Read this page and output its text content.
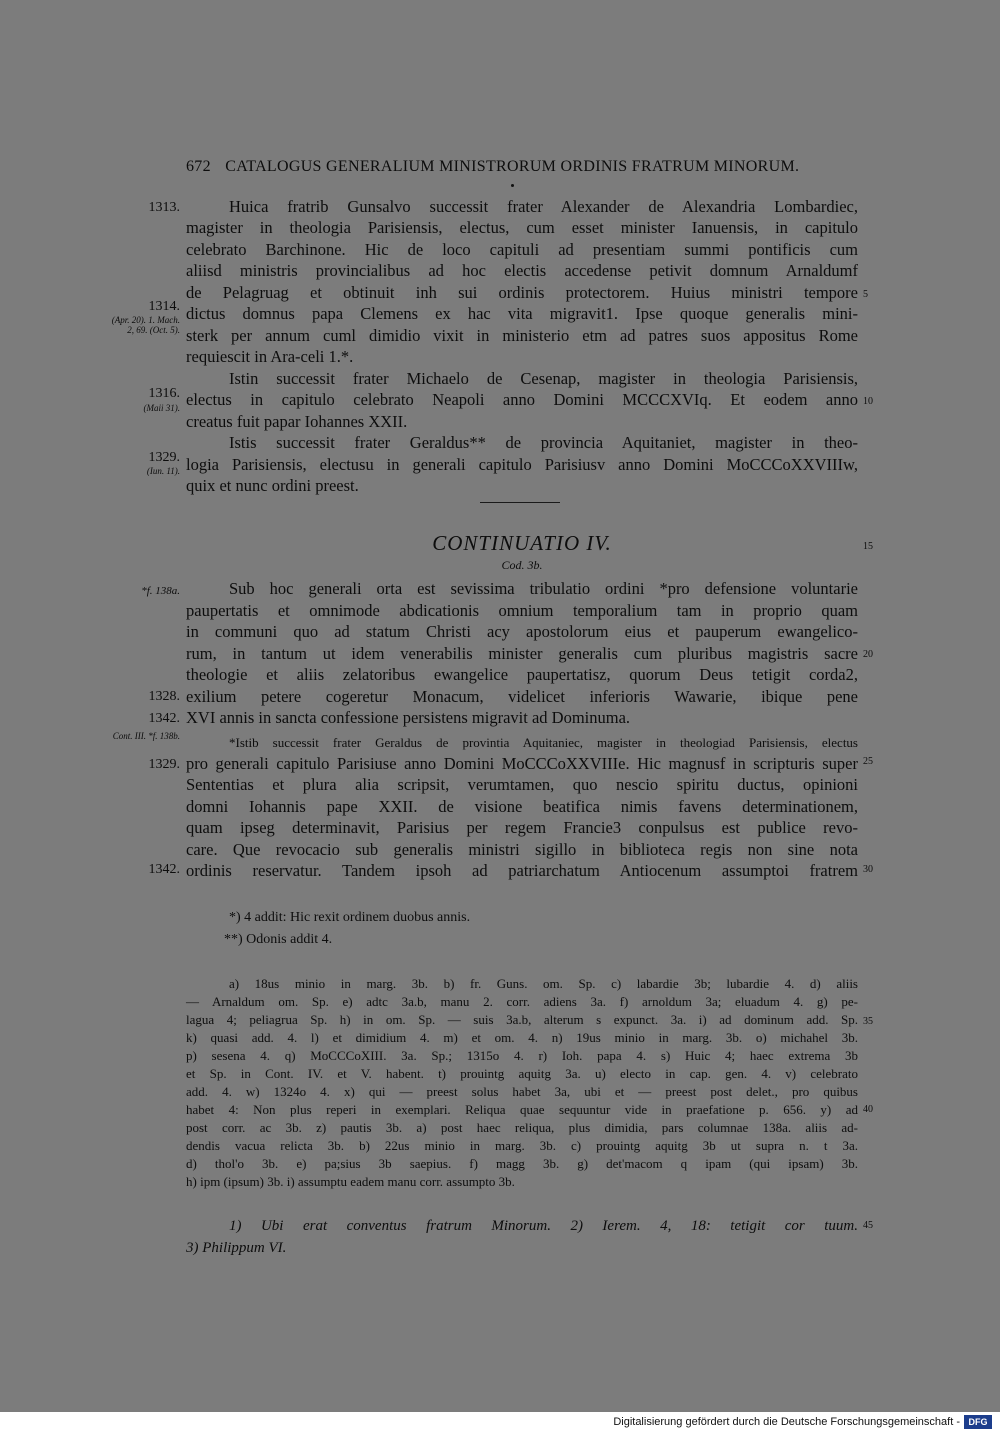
672 CATALOGUS GENERALIUM MINISTRORUM ORDINIS FRATRUM MINORUM.
1313.
1314.
(Apr. 20). 1. Mach. 2, 69. (Oct. 5).
1316.
(Maii 31).
1329.
(Iun. 11).
*f. 138a.
1328.
1342.
Cont. III. *f. 138b.
1329.
1342.
5
10
15
20
25
30
35
40
45
Huica fratrib Gunsalvo successit frater Alexander de Alexandria Lombardiec,
magister in theologia Parisiensis, electus, cum esset minister Ianuensis, in capitulo
celebrato Barchinone. Hic de loco capituli ad presentiam summi pontificis cum
aliisd ministris provincialibus ad hoc electis accedense petivit domnum Arnaldumf
de Pelagruag et obtinuit inh sui ordinis protectorem. Huius ministri tempore
dictus domnus papa Clemens ex hac vita migravit1. Ipse quoque generalis mini-
sterk per annum cuml dimidio vixit in ministerio etm ad patres suos appositus Rome
requiescit in Ara-celi 1.*.
Istin successit frater Michaelo de Cesenap, magister in theologia Parisiensis,
electus in capitulo celebrato Neapoli anno Domini MCCCXVIq. Et eodem anno
creatus fuit papar Iohannes XXII.
Istis successit frater Geraldus** de provincia Aquitaniet, magister in theo-
logia Parisiensis, electusu in generali capitulo Parisiusv anno Domini MoCCCoXXVIIIw,
quix et nunc ordini preest.
CONTINUATIO IV.
Cod. 3b.
Sub hoc generali orta est sevissima tribulatio ordini *pro defensione voluntarie
paupertatis et omnimode abdicationis omnium temporalium tam in proprio quam
in communi quo ad statum Christi acy apostolorum eius et pauperum ewangelico-
rum, in tantum ut idem venerabilis minister generalis cum pluribus magistris sacre
theologie et aliis zelatoribus ewangelice paupertatisz, quorum Deus tetigit corda2,
exilium petere cogeretur Monacum, videlicet inferioris Wawarie, ibique pene
XVI annis in sancta confessione persistens migravit ad Dominuma.
*Istib successit frater Geraldus de provintia Aquitaniec, magister in theologiad Parisiensis, electus
pro generali capitulo Parisiuse anno Domini MoCCCoXXVIIIe. Hic magnusf in scripturis super
Sententias et plura alia scripsit, verumtamen, quo nescio spiritu ductus, opinioni
domni Iohannis pape XXII. de visione beatifica nimis favens determinationem,
quam ipseg determinavit, Parisius per regem Francie3 conpulsus est publice revo-
care. Que revocacio sub generalis ministri sigillo in biblioteca regis non sine nota
ordinis reservatur. Tandem ipsoh ad patriarchatum Antiocenum assumptoi fratrem
*) 4 addit: Hic rexit ordinem duobus annis.
**) Odonis addit 4.
a) 18us minio in marg. 3b. b) fr. Guns. om. Sp. c) labardie 3b; lubardie 4. d) aliis
— Arnaldum om. Sp. e) adtc 3a.b, manu 2. corr. adiens 3a. f) arnoldum 3a; eluadum 4. g) pe-
lagua 4; peliagrua Sp. h) in om. Sp. — suis 3a.b, alterum s expunct. 3a. i) ad dominum add. Sp.
k) quasi add. 4. l) et dimidium 4. m) et om. 4. n) 19us minio in marg. 3b. o) michahel 3b.
p) sesena 4. q) MoCCCoXIII. 3a. Sp.; 1315o 4. r) Ioh. papa 4. s) Huic 4; haec extrema 3b
et Sp. in Cont. IV. et V. habent. t) prouintg aquitg 3a. u) electo in cap. gen. 4. v) celebrato
add. 4. w) 1324o 4. x) qui — preest solus habet 3a, ubi et — preest post delet., pro quibus
habet 4: Non plus reperi in exemplari. Reliqua quae sequuntur vide in praefatione p. 656. y) ad
post corr. ac 3b. z) pautis 3b. a) post haec reliqua, plus dimidia, pars columnae 138a. aliis ad-
dendis vacua relicta 3b. b) 22us minio in marg. 3b. c) prouintg aquitg 3b ut supra n. t 3a.
d) thol'o 3b. e) pa;sius 3b saepius. f) magg 3b. g) det'macom q ipam (qui ipsam) 3b.
h) ipm (ipsum) 3b. i) assumptu eadem manu corr. assumpto 3b.
1) Ubi erat conventus fratrum Minorum. 2) Ierem. 4, 18: tetigit cor tuum.
3) Philippum VI.
Digitalisierung gefördert durch die Deutsche Forschungsgemeinschaft - DFG
